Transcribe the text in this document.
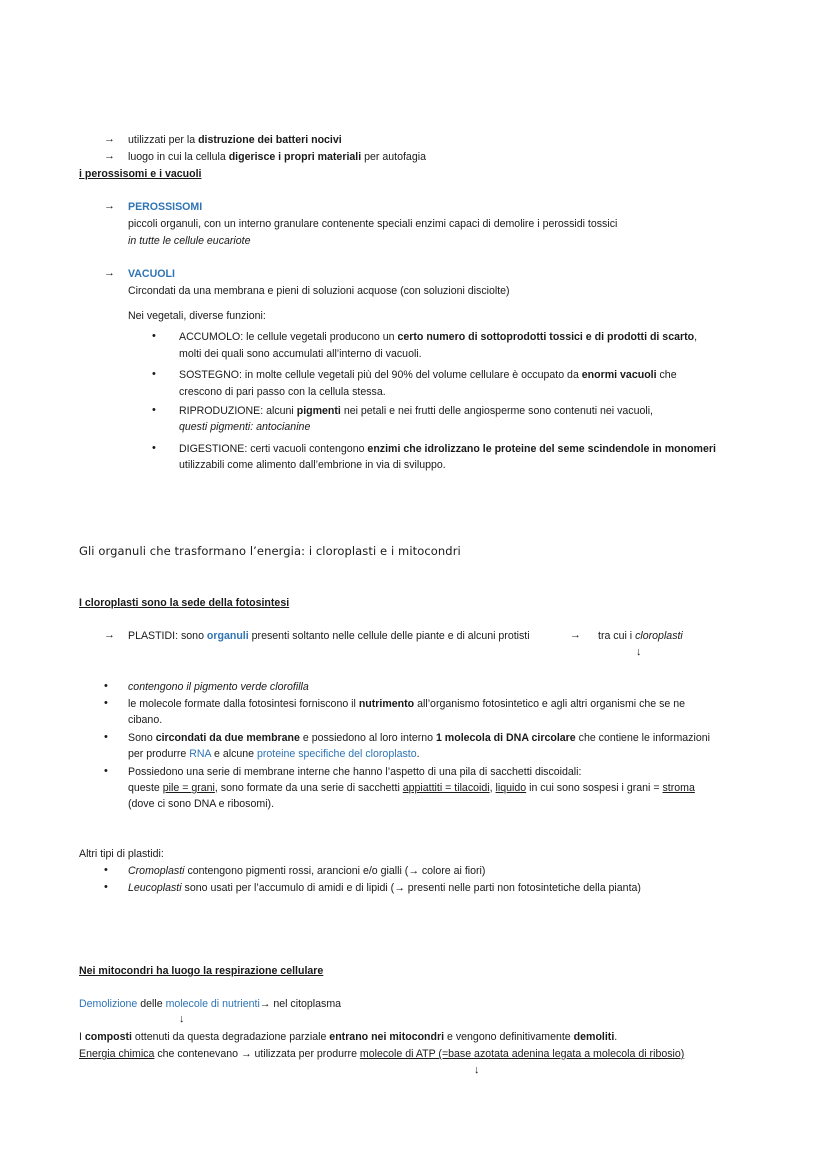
→ utilizzati per la distruzione dei batteri nocivi
→ luogo in cui la cellula digerisce i propri materiali per autofagia
i perossisomi e i vacuoli
→ PEROSSISOMI
piccoli organuli, con un interno granulare contenente speciali enzimi capaci di demolire i perossidi tossici
in tutte le cellule eucariote
→ VACUOLI
Circondati da una membrana e pieni di soluzioni acquose (con soluzioni disciolte)
Nei vegetali, diverse funzioni:
• ACCUMOLO: le cellule vegetali producono un certo numero di sottoprodotti tossici e di prodotti di scarto,
molti dei quali sono accumulati all’interno di vacuoli.
• SOSTEGNO: in molte cellule vegetali più del 90% del volume cellulare è occupato da enormi vacuoli che
crescono di pari passo con la cellula stessa.
• RIPRODUZIONE: alcuni pigmenti nei petali e nei frutti delle angiosperme sono contenuti nei vacuoli,
questi pigmenti: antocianine
• DIGESTIONE: certi vacuoli contengono enzimi che idrolizzano le proteine del seme scindendole in monomeri
utilizzabili come alimento dall’embrione in via di sviluppo.
Gli organuli che trasformano l’energia: i cloroplasti e i mitocondri
I cloroplasti sono la sede della fotosintesi
→ PLASTIDI: sono organuli presenti soltanto nelle cellule delle piante e di alcuni protisti	→ tra cui i cloroplasti
↓
• contengono il pigmento verde clorofilla
• le molecole formate dalla fotosintesi forniscono il nutrimento all’organismo fotosintetico e agli altri organismi che se ne
cibano.
• Sono circondati da due membrane e possiedono al loro interno 1 molecola di DNA circolare che contiene le informazioni
per produrre RNA e alcune proteine specifiche del cloroplasto.
• Possiedono una serie di membrane interne che hanno l’aspetto di una pila di sacchetti discoidali:
queste pile = grani, sono formate da una serie di sacchetti appiattiti = tilacoidi, liquido in cui sono sospesi i grani = stroma
(dove ci sono DNA e ribosomi).
Altri tipi di plastidi:
• Cromoplasti contengono pigmenti rossi, arancioni e/o gialli (→ colore ai fiori)
• Leucoplasti sono usati per l’accumulo di amidi e di lipidi (→ presenti nelle parti non fotosintetiche della pianta)
Nei mitocondri ha luogo la respirazione cellulare
Demolizione delle molecole di nutrienti→ nel citoplasma
↓
I composti ottenuti da questa degradazione parziale entrano nei mitocondri e vengono definitivamente demoliti.
Energia chimica che contenevano → utilizzata per produrre molecole di ATP (=base azotata adenina legata a molecola di ribosio)
↓
